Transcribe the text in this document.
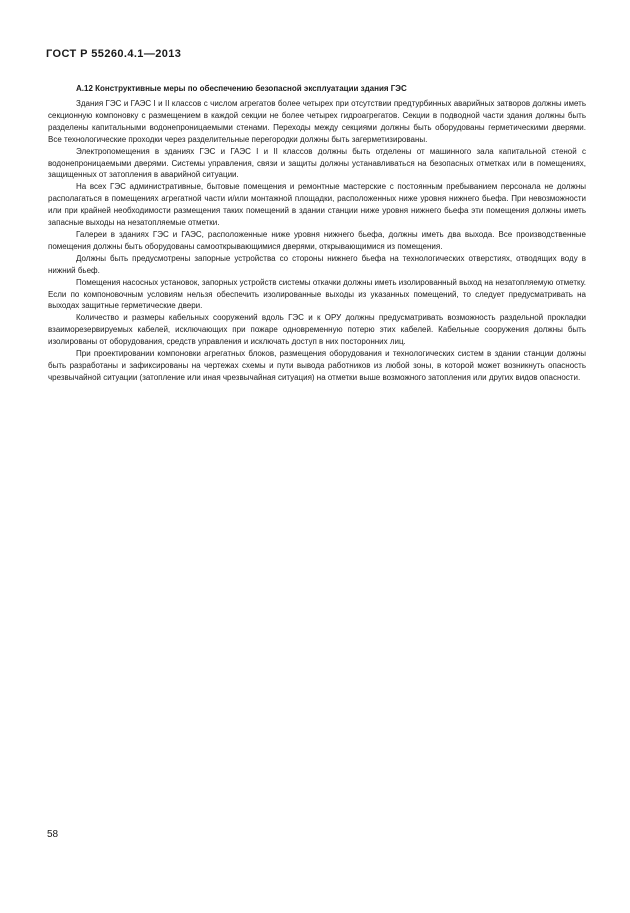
ГОСТ Р 55260.4.1—2013
А.12 Конструктивные меры по обеспечению безопасной эксплуатации здания ГЭС

Здания ГЭС и ГАЭС I и II классов с числом агрегатов более четырех при отсутствии предтурбинных аварийных затворов должны иметь секционную компоновку с размещением в каждой секции не более четырех гидроагрегатов. Секции в подводной части здания должны быть разделены капитальными водонепроницаемыми стенами. Переходы между секциями должны быть оборудованы герметическими дверями. Все технологические проходки через разделительные перегородки должны быть загерметизированы.

Электропомещения в зданиях ГЭС и ГАЭС I и II классов должны быть отделены от машинного зала капитальной стеной с водонепроницаемыми дверями. Системы управления, связи и защиты должны устанавливаться на безопасных отметках или в помещениях, защищенных от затопления в аварийной ситуации.

На всех ГЭС административные, бытовые помещения и ремонтные мастерские с постоянным пребыванием персонала не должны располагаться в помещениях агрегатной части и/или монтажной площадки, расположенных ниже уровня нижнего бьефа. При невозможности или при крайней необходимости размещения таких помещений в здании станции ниже уровня нижнего бьефа эти помещения должны иметь запасные выходы на незатопляемые отметки.

Галереи в зданиях ГЭС и ГАЭС, расположенные ниже уровня нижнего бьефа, должны иметь два выхода. Все производственные помещения должны быть оборудованы самооткрывающимися дверями, открывающимися из помещения.

Должны быть предусмотрены запорные устройства со стороны нижнего бьефа на технологических отверстиях, отводящих воду в нижний бьеф.

Помещения насосных установок, запорных устройств системы откачки должны иметь изолированный выход на незатопляемую отметку. Если по компоновочным условиям нельзя обеспечить изолированные выходы из указанных помещений, то следует предусматривать на выходах защитные герметические двери.

Количество и размеры кабельных сооружений вдоль ГЭС и к ОРУ должны предусматривать возможность раздельной прокладки взаиморезервируемых кабелей, исключающих при пожаре одновременную потерю этих кабелей. Кабельные сооружения должны быть изолированы от оборудования, средств управления и исключать доступ в них посторонних лиц.

При проектировании компоновки агрегатных блоков, размещения оборудования и технологических систем в здании станции должны быть разработаны и зафиксированы на чертежах схемы и пути вывода работников из любой зоны, в которой может возникнуть опасность чрезвычайной ситуации (затопление или иная чрезвычайная ситуация) на отметки выше возможного затопления или других видов опасности.

58
